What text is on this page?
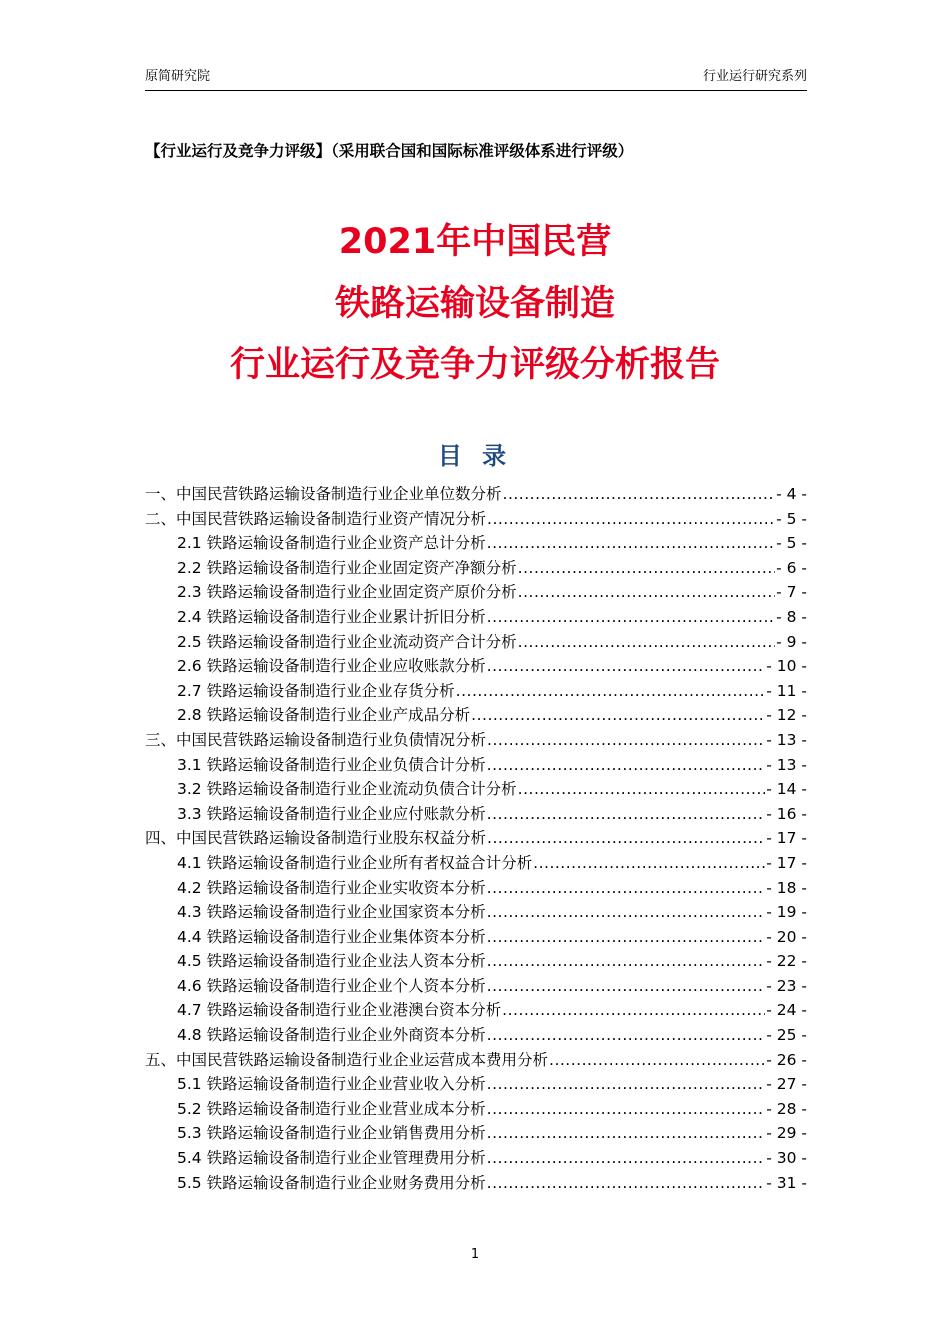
原简研究院	行业运行研究系列
【行业运行及竞争力评级】（采用联合国和国际标准评级体系进行评级）
2021年中国民营
铁路运输设备制造
行业运行及竞争力评级分析报告
目 录
一、中国民营铁路运输设备制造行业企业单位数分析 .....	- 4 -
二、中国民营铁路运输设备制造行业资产情况分析 .....	- 5 -
2.1 铁路运输设备制造行业企业资产总计分析 .....	- 5 -
2.2 铁路运输设备制造行业企业固定资产净额分析 .....	- 6 -
2.3 铁路运输设备制造行业企业固定资产原价分析 .....	- 7 -
2.4 铁路运输设备制造行业企业累计折旧分析 .....	- 8 -
2.5 铁路运输设备制造行业企业流动资产合计分析 .....	- 9 -
2.6 铁路运输设备制造行业企业应收账款分析 .....	- 10 -
2.7 铁路运输设备制造行业企业存货分析 .....	- 11 -
2.8 铁路运输设备制造行业企业产成品分析 .....	- 12 -
三、中国民营铁路运输设备制造行业负债情况分析 .....	- 13 -
3.1 铁路运输设备制造行业企业负债合计分析 .....	- 13 -
3.2 铁路运输设备制造行业企业流动负债合计分析 .....	- 14 -
3.3 铁路运输设备制造行业企业应付账款分析 .....	- 16 -
四、中国民营铁路运输设备制造行业股东权益分析 .....	- 17 -
4.1 铁路运输设备制造行业企业所有者权益合计分析 .....	- 17 -
4.2 铁路运输设备制造行业企业实收资本分析 .....	- 18 -
4.3 铁路运输设备制造行业企业国家资本分析 .....	- 19 -
4.4 铁路运输设备制造行业企业集体资本分析 .....	- 20 -
4.5 铁路运输设备制造行业企业法人资本分析 .....	- 22 -
4.6 铁路运输设备制造行业企业个人资本分析 .....	- 23 -
4.7 铁路运输设备制造行业企业港澳台资本分析 .....	- 24 -
4.8 铁路运输设备制造行业企业外商资本分析 .....	- 25 -
五、中国民营铁路运输设备制造行业企业运营成本费用分析 .....	- 26 -
5.1 铁路运输设备制造行业企业营业收入分析 .....	- 27 -
5.2 铁路运输设备制造行业企业营业成本分析 .....	- 28 -
5.3 铁路运输设备制造行业企业销售费用分析 .....	- 29 -
5.4 铁路运输设备制造行业企业管理费用分析 .....	- 30 -
5.5 铁路运输设备制造行业企业财务费用分析 .....	- 31 -
1
